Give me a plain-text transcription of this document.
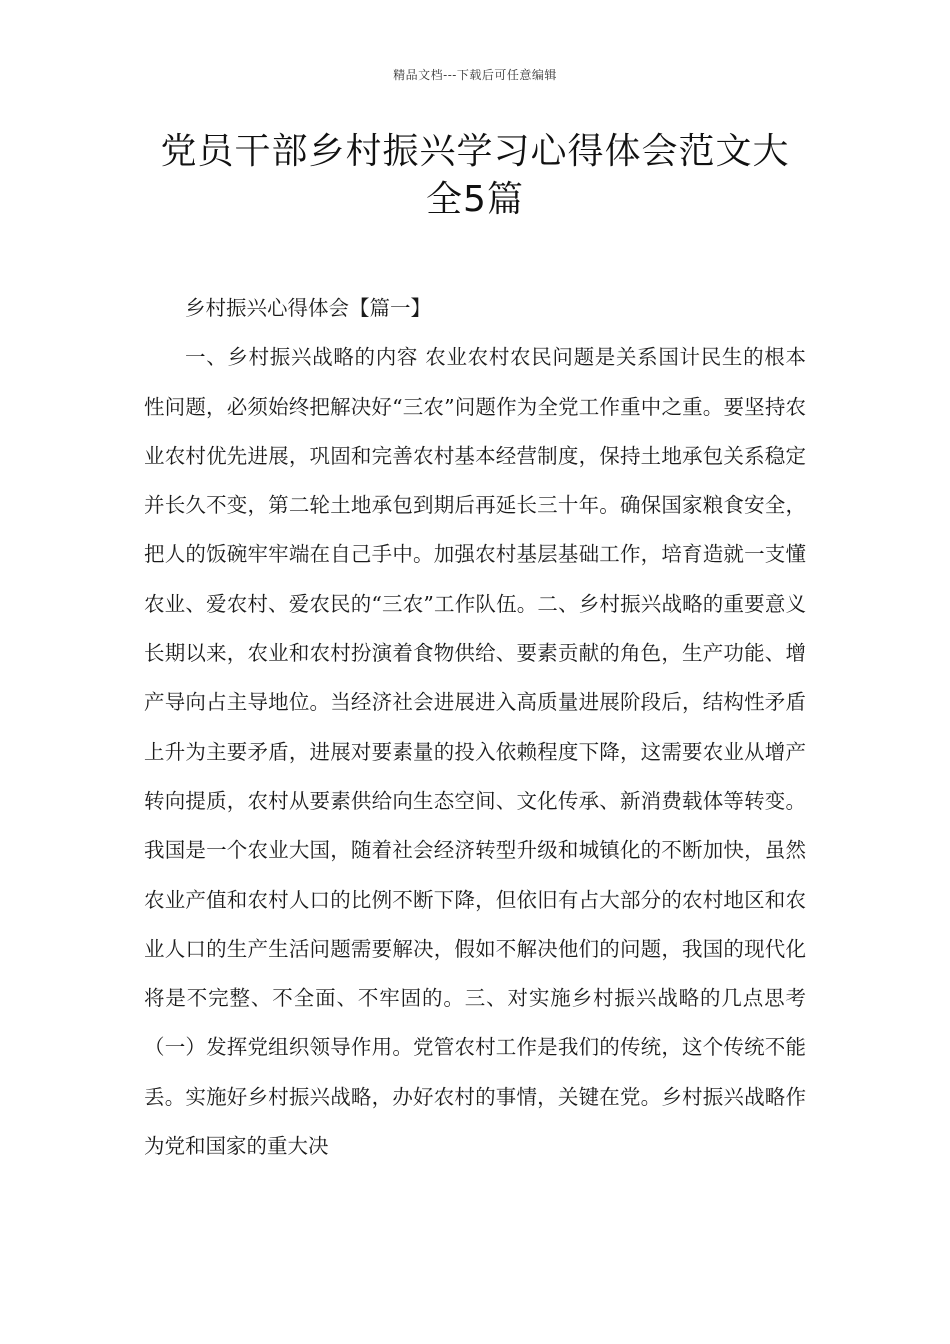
精品文档---下载后可任意编辑
党员干部乡村振兴学习心得体会范文大
全5篇

乡村振兴心得体会【篇一】

一、乡村振兴战略的内容 农业农村农民问题是关系国计民生的根本性问题，必须始终把解决好“三农”问题作为全党工作重中之重。要坚持农业农村优先进展，巩固和完善农村基本经营制度，保持土地承包关系稳定并长久不变，第二轮土地承包到期后再延长三十年。确保国家粮食安全，把人的饭碗牢牢端在自己手中。加强农村基层基础工作，培育造就一支懂农业、爱农村、爱农民的“三农”工作队伍。二、乡村振兴战略的重要意义 长期以来，农业和农村扮演着食物供给、要素贡献的角色，生产功能、增产导向占主导地位。当经济社会进展进入高质量进展阶段后，结构性矛盾上升为主要矛盾，进展对要素量的投入依赖程度下降，这需要农业从增产转向提质，农村从要素供给向生态空间、文化传承、新消费载体等转变。我国是一个农业大国，随着社会经济转型升级和城镇化的不断加快，虽然农业产值和农村人口的比例不断下降，但依旧有占大部分的农村地区和农业人口的生产生活问题需要解决，假如不解决他们的问题，我国的现代化将是不完整、不全面、不牢固的。三、对实施乡村振兴战略的几点思考（一）发挥党组织领导作用。党管农村工作是我们的传统，这个传统不能丢。实施好乡村振兴战略，办好农村的事情，关键在党。乡村振兴战略作为党和国家的重大决
